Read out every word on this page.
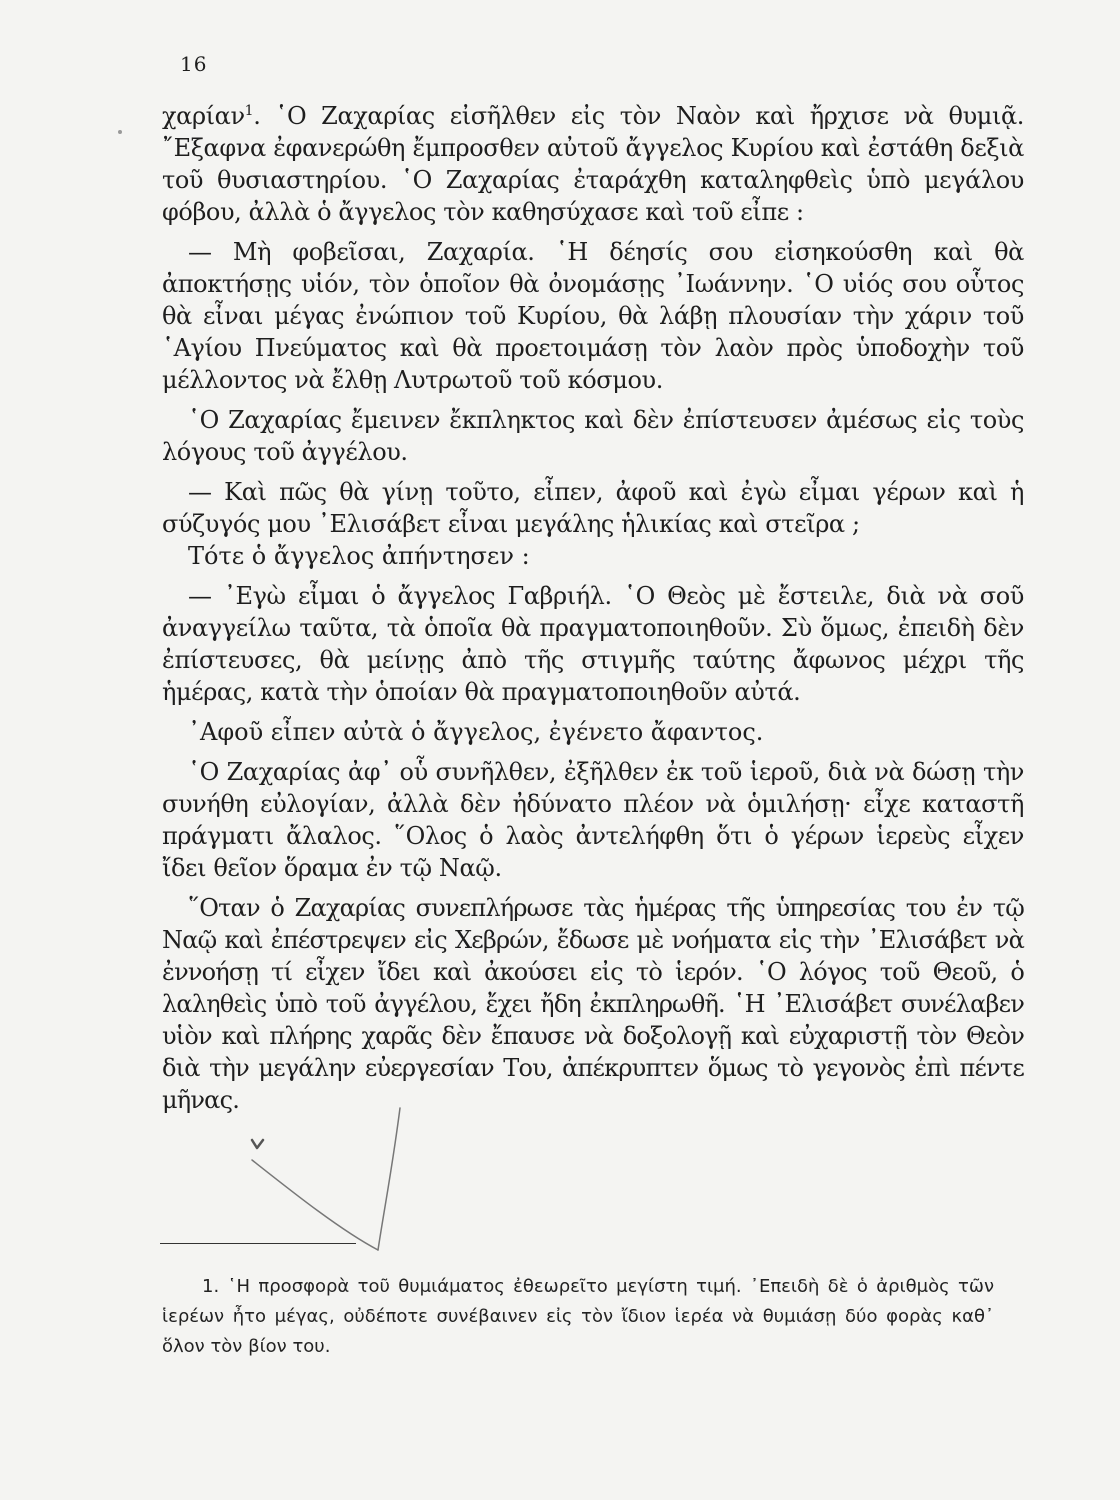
16

χαρίαν$^1$. ῾Ο Ζαχαρίας εἰσῆλθεν εἰς τὸν Ναὸν καὶ ἤρχισε νὰ θυμιᾷ. ῎Εξαφνα ἐφανερώθη ἔμπροσθεν αὐτοῦ ἄγγελος Κυρίου καὶ ἐστάθη δεξιὰ τοῦ θυσιαστηρίου. ῾Ο Ζαχαρίας ἐταράχθη καταληφθεὶς ὑπὸ μεγάλου φόβου, ἀλλὰ ὁ ἄγγελος τὸν καθησύχασε καὶ τοῦ εἶπε :

— Μὴ φοβεῖσαι, Ζαχαρία. ῾Η δέησίς σου εἰσηκούσθη καὶ θὰ ἀποκτήσῃς υἱόν, τὸν ὁποῖον θὰ ὀνομάσῃς ᾿Ιωάννην. ῾Ο υἱός σου οὗτος θὰ εἶναι μέγας ἐνώπιον τοῦ Κυρίου, θὰ λάβῃ πλουσίαν τὴν χάριν τοῦ ῾Αγίου Πνεύματος καὶ θὰ προετοιμάσῃ τὸν λαὸν πρὸς ὑποδοχὴν τοῦ μέλλοντος νὰ ἔλθῃ Λυτρωτοῦ τοῦ κόσμου.

῾Ο Ζαχαρίας ἔμεινεν ἔκπληκτος καὶ δὲν ἐπίστευσεν ἀμέσως εἰς τοὺς λόγους τοῦ ἀγγέλου.

— Καὶ πῶς θὰ γίνῃ τοῦτο, εἶπεν, ἀφοῦ καὶ ἐγὼ εἶμαι γέρων καὶ ἡ σύζυγός μου ᾿Ελισάβετ εἶναι μεγάλης ἡλικίας καὶ στεῖρα ;

Τότε ὁ ἄγγελος ἀπήντησεν :

— ᾿Εγὼ εἶμαι ὁ ἄγγελος Γαβριήλ. ῾Ο Θεὸς μὲ ἔστειλε, διὰ νὰ σοῦ ἀναγγείλω ταῦτα, τὰ ὁποῖα θὰ πραγματοποιηθοῦν. Σὺ ὅμως, ἐπειδὴ δὲν ἐπίστευσες, θὰ μείνῃς ἀπὸ τῆς στιγμῆς ταύτης ἄφωνος μέχρι τῆς ἡμέρας, κατὰ τὴν ὁποίαν θὰ πραγματοποιηθοῦν αὐτά.

᾿Αφοῦ εἶπεν αὐτὰ ὁ ἄγγελος, ἐγένετο ἄφαντος.

῾Ο Ζαχαρίας ἀφ᾿ οὗ συνῆλθεν, ἐξῆλθεν ἐκ τοῦ ἱεροῦ, διὰ νὰ δώσῃ τὴν συνήθη εὐλογίαν, ἀλλὰ δὲν ἠδύνατο πλέον νὰ ὁμιλήσῃ· εἶχε καταστῆ πράγματι ἄλαλος. ῞Ολος ὁ λαὸς ἀντελήφθη ὅτι ὁ γέρων ἱερεὺς εἶχεν ἴδει θεῖον ὅραμα ἐν τῷ Ναῷ.

῞Οταν ὁ Ζαχαρίας συνεπλήρωσε τὰς ἡμέρας τῆς ὑπηρεσίας του ἐν τῷ Ναῷ καὶ ἐπέστρεψεν εἰς Χεβρών, ἔδωσε μὲ νοήματα εἰς τὴν ᾿Ελισάβετ νὰ ἐννοήσῃ τί εἶχεν ἴδει καὶ ἀκούσει εἰς τὸ ἱερόν. ῾Ο λόγος τοῦ Θεοῦ, ὁ λαληθεὶς ὑπὸ τοῦ ἀγγέλου, ἔχει ἤδη ἐκπληρωθῆ. ῾Η ᾿Ελισάβετ συνέλαβεν υἱὸν καὶ πλήρης χαρᾶς δὲν ἔπαυσε νὰ δοξολογῇ καὶ εὐχαριστῇ τὸν Θεὸν διὰ τὴν μεγάλην εὐεργεσίαν Του, ἀπέκρυπτεν ὅμως τὸ γεγονὸς ἐπὶ πέντε μῆνας.

1. ῾Η προσφορὰ τοῦ θυμιάματος ἐθεωρεῖτο μεγίστη τιμή. ᾿Επειδὴ δὲ ὁ ἀριθμὸς τῶν ἱερέων ἦτο μέγας, οὐδέποτε συνέβαινεν εἰς τὸν ἴδιον ἱερέα νὰ θυμιάσῃ δύο φορὰς καθ᾿ ὅλον τὸν βίον του.
